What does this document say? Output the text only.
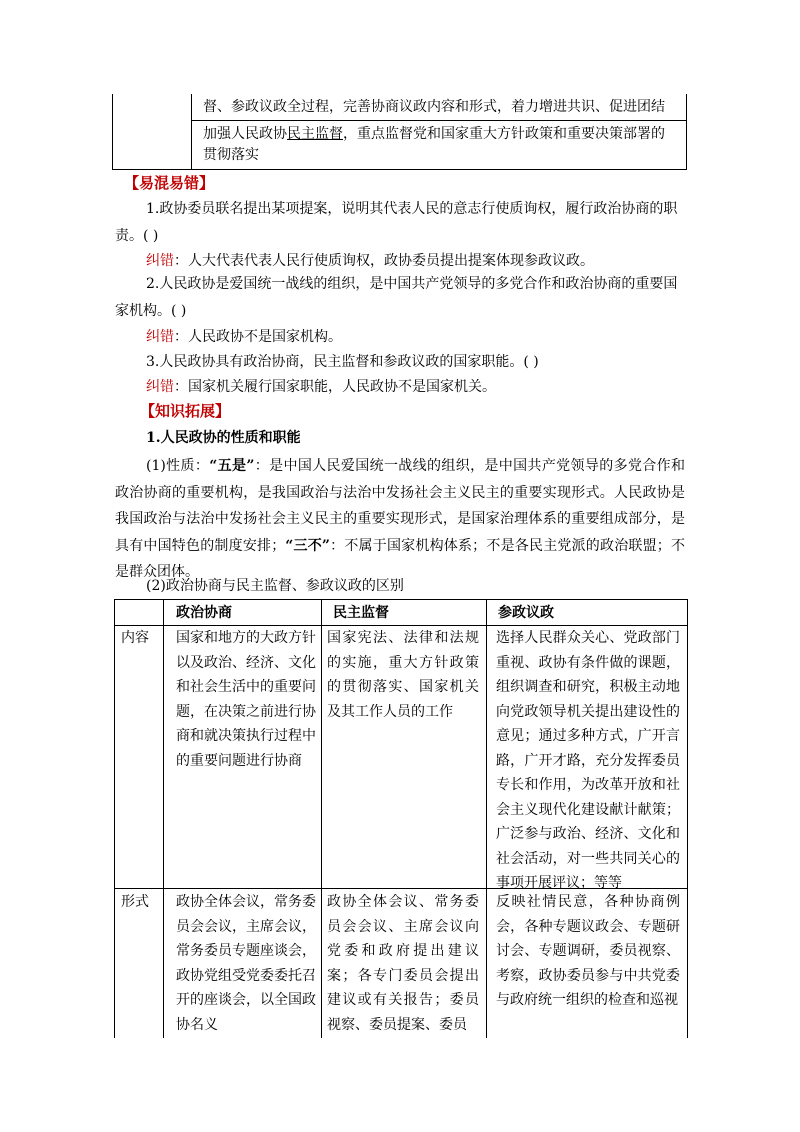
督、参政议政全过程，完善协商议政内容和形式，着力增进共识、促进团结
加强人民政协民主监督，重点监督党和国家重大方针政策和重要决策部署的贯彻落实
【易混易错】
1.政协委员联名提出某项提案，说明其代表人民的意志行使质询权，履行政治协商的职责。( )
纠错：人大代表代表人民行使质询权，政协委员提出提案体现参政议政。
2.人民政协是爱国统一战线的组织，是中国共产党领导的多党合作和政治协商的重要国家机构。( )
纠错：人民政协不是国家机构。
3.人民政协具有政治协商，民主监督和参政议政的国家职能。( )
纠错：国家机关履行国家职能，人民政协不是国家机关。
【知识拓展】
1.人民政协的性质和职能
(1)性质：“五是”：是中国人民爱国统一战线的组织，是中国共产党领导的多党合作和政治协商的重要机构，是我国政治与法治中发扬社会主义民主的重要实现形式。人民政协是我国政治与法治中发扬社会主义民主的重要实现形式，是国家治理体系的重要组成部分，是具有中国特色的制度安排；“三不”：不属于国家机构体系；不是各民主党派的政治联盟；不是群众团体。
(2)政治协商与民主监督、参政议政的区别
政治协商	民主监督	参政议政
内容 国家和地方的大政方针以及政治、经济、文化和社会生活中的重要问题，在决策之前进行协商和就决策执行过程中的重要问题进行协商
国家宪法、法律和法规的实施，重大方针政策的贯彻落实、国家机关及其工作人员的工作
选择人民群众关心、党政部门重视、政协有条件做的课题，组织调查和研究，积极主动地向党政领导机关提出建设性的意见；通过多种方式，广开言路，广开才路，充分发挥委员专长和作用，为改革开放和社会主义现代化建设献计献策；广泛参与政治、经济、文化和社会活动，对一些共同关心的事项开展评议；等等
形式 政协全体会议，常务委员会会议，主席会议，常务委员专题座谈会，政协党组受党委委托召开的座谈会，以全国政协名义
政协全体会议、常务委员会会议、主席会议向党委和政府提出建议案；各专门委员会提出建议或有关报告；委员视察、委员提案、委员
反映社情民意，各种协商例会，各种专题议政会、专题研讨会、专题调研，委员视察、考察，政协委员参与中共党委与政府统一组织的检查和巡视
